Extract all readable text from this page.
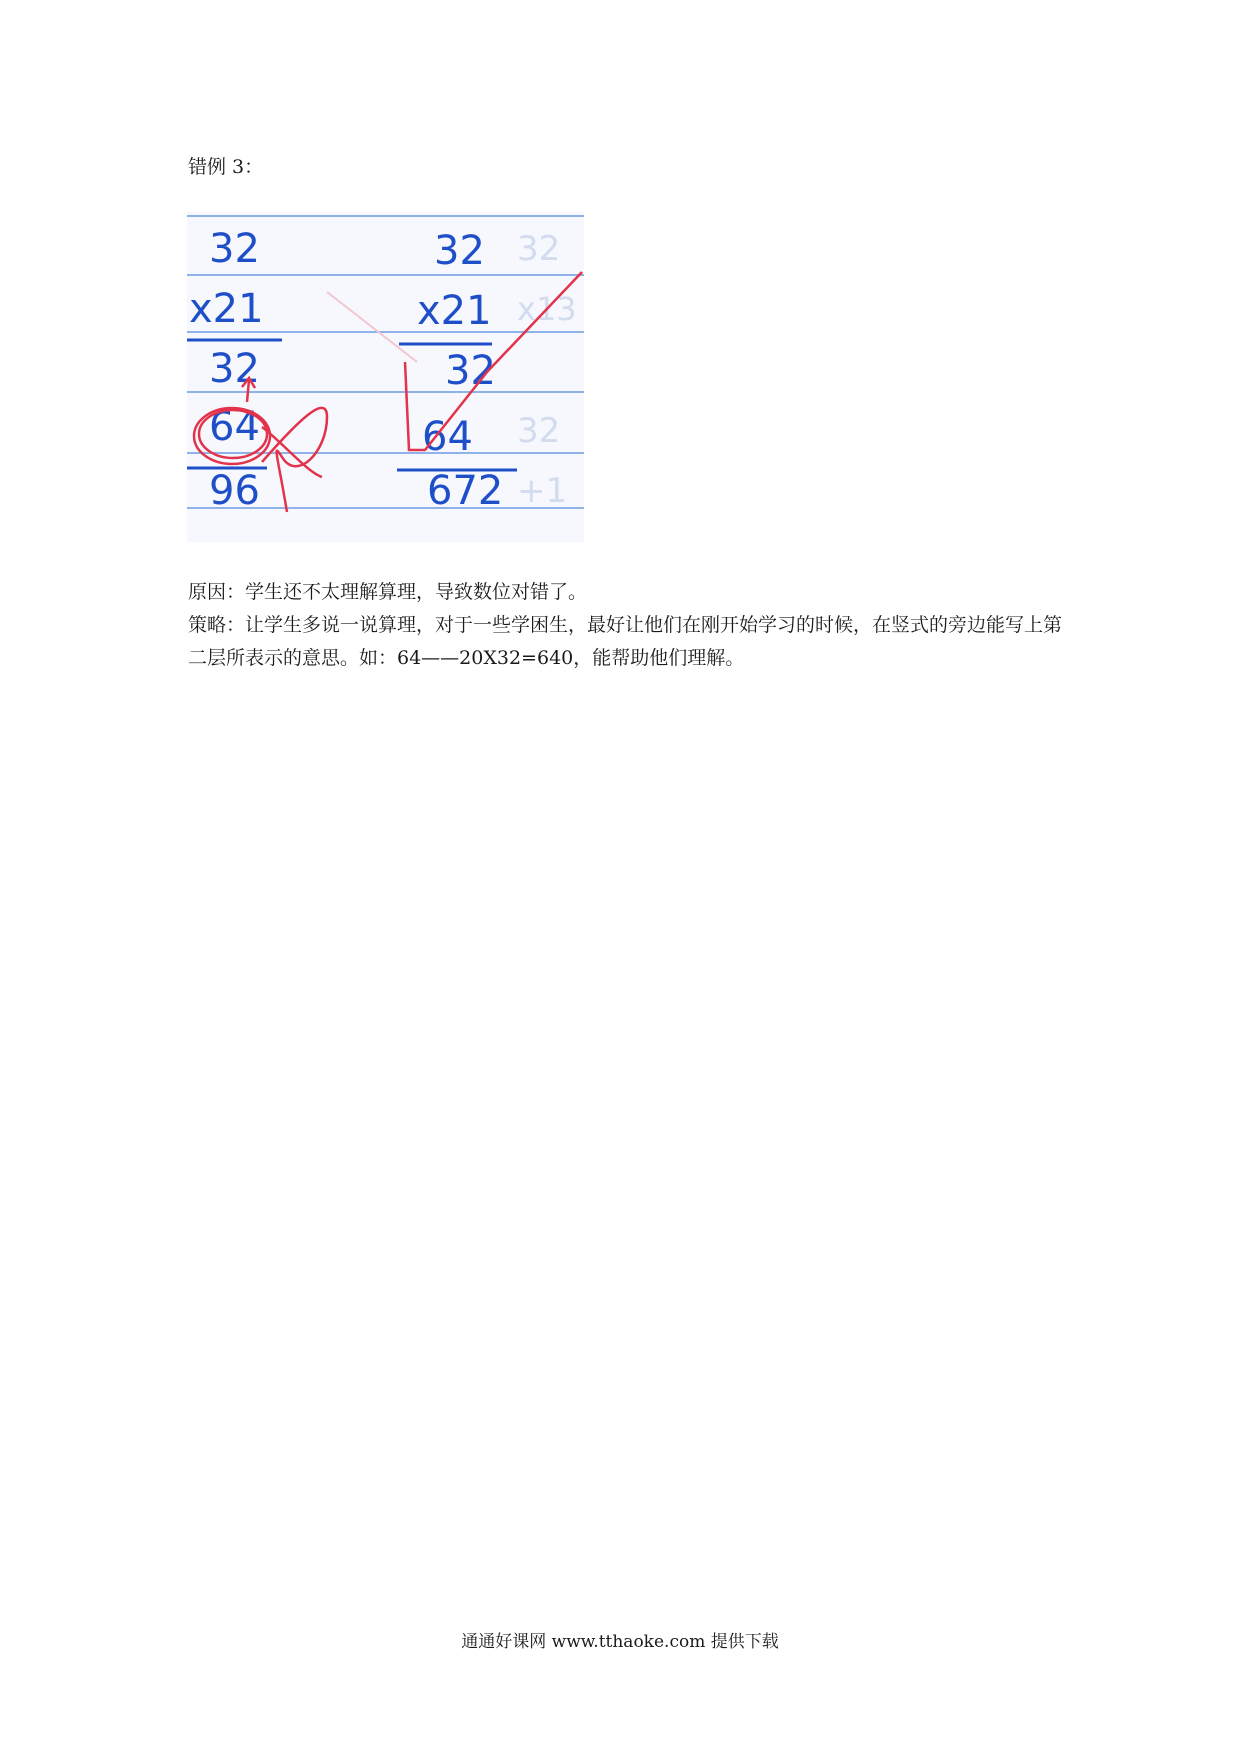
错例 3：
32
x13
32
+1
32
x21
32
64
96
32
x21
32
64
672
原因：学生还不太理解算理，导致数位对错了。
策略：让学生多说一说算理，对于一些学困生，最好让他们在刚开始学习的时候，在竖式的旁边能写上第二层所表示的意思。如：64——20X32=640，能帮助他们理解。
通通好课网 www.tthaoke.com 提供下载
